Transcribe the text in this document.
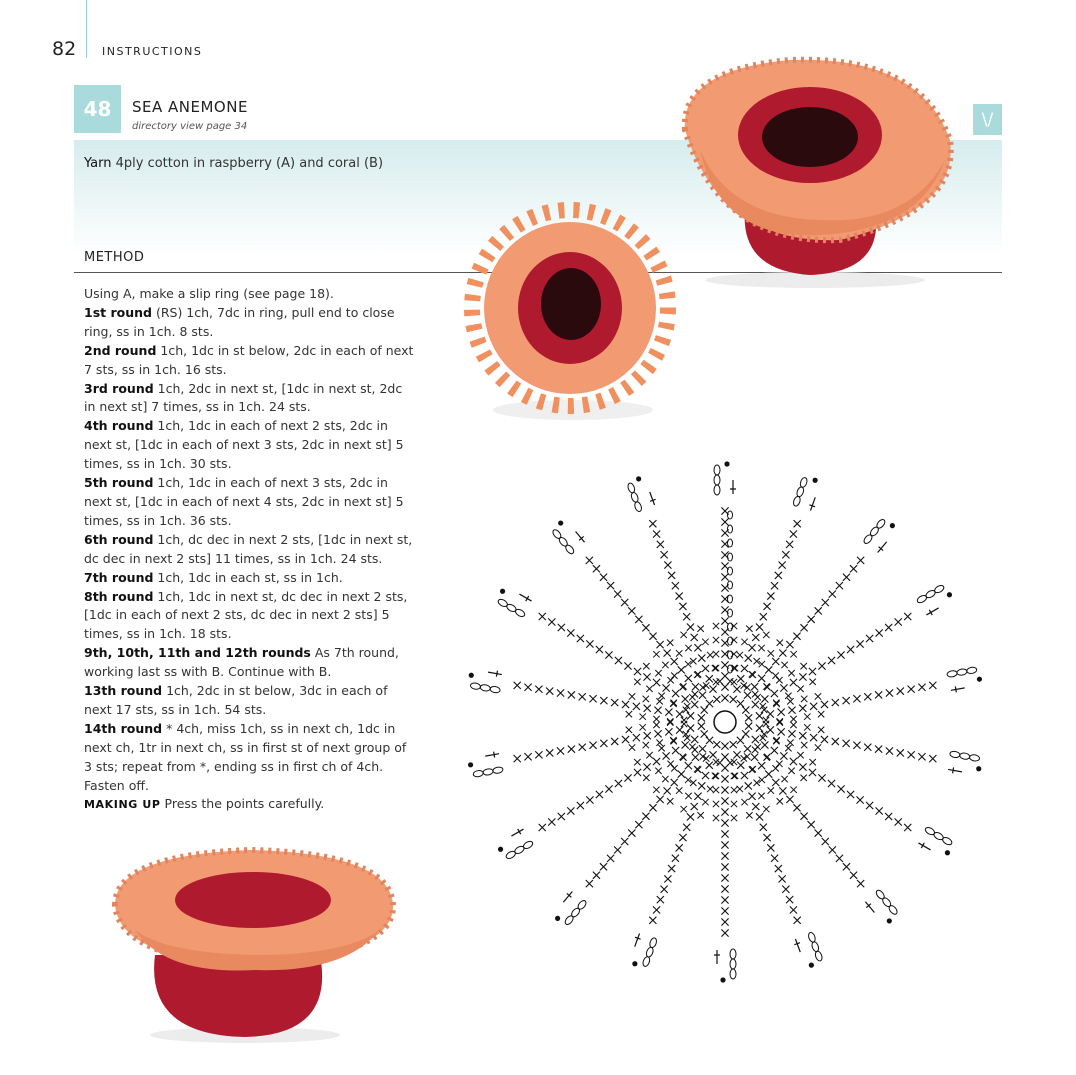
82 INSTRUCTIONS
48	SEA ANEMONE
directory view page 34
Yarn 4ply cotton in raspberry (A) and coral (B)
\/
METHOD

Using A, make a slip ring (see page 18).

1st round (RS) 1ch, 7dc in ring, pull end to close ring, ss in 1ch. 8 sts.

2nd round 1ch, 1dc in st below, 2dc in each of next 7 sts, ss in 1ch. 16 sts.

3rd round 1ch, 2dc in next st, [1dc in next st, 2dc in next st] 7 times, ss in 1ch. 24 sts.

4th round 1ch, 1dc in each of next 2 sts, 2dc in next st, [1dc in each of next 3 sts, 2dc in next st] 5 times, ss in 1ch. 30 sts.

5th round 1ch, 1dc in each of next 3 sts, 2dc in next st, [1dc in each of next 4 sts, 2dc in next st] 5 times, ss in 1ch. 36 sts.

6th round 1ch, dc dec in next 2 sts, [1dc in next st, dc dec in next 2 sts] 11 times, ss in 1ch. 24 sts.

7th round 1ch, 1dc in each st, ss in 1ch.

8th round 1ch, 1dc in next st, dc dec in next 2 sts, [1dc in each of next 2 sts, dc dec in next 2 sts] 5 times, ss in 1ch. 18 sts.

9th, 10th, 11th and 12th rounds As 7th round, working last ss with B. Continue with B.

13th round 1ch, 2dc in st below, 3dc in each of next 17 sts, ss in 1ch. 54 sts.

14th round * 4ch, miss 1ch, ss in next ch, 1dc in next ch, 1tr in next ch, ss in first st of next group of 3 sts; repeat from *, ending ss in first ch of 4ch. Fasten off.

MAKING UP Press the points carefully.
